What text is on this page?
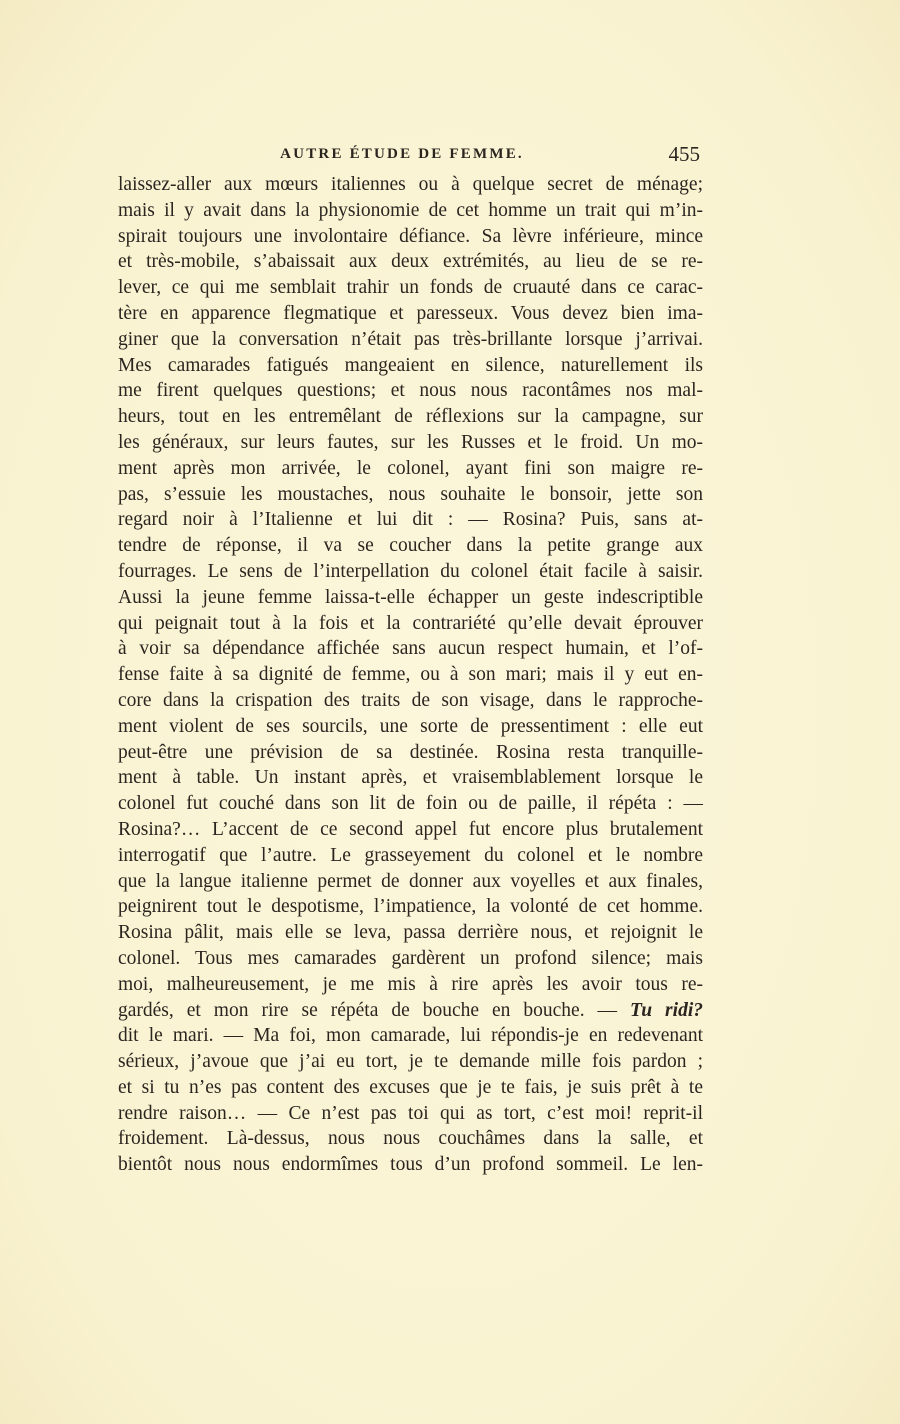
AUTRE ÉTUDE DE FEMME.	455
laissez-aller aux mœurs italiennes ou à quelque secret de ménage;
mais il y avait dans la physionomie de cet homme un trait qui m’in-
spirait toujours une involontaire défiance. Sa lèvre inférieure, mince
et très-mobile, s’abaissait aux deux extrémités, au lieu de se re-
lever, ce qui me semblait trahir un fonds de cruauté dans ce carac-
tère en apparence flegmatique et paresseux. Vous devez bien ima-
giner que la conversation n’était pas très-brillante lorsque j’arrivai.
Mes camarades fatigués mangeaient en silence, naturellement ils
me firent quelques questions; et nous nous racontâmes nos mal-
heurs, tout en les entremêlant de réflexions sur la campagne, sur
les généraux, sur leurs fautes, sur les Russes et le froid. Un mo-
ment après mon arrivée, le colonel, ayant fini son maigre re-
pas, s’essuie les moustaches, nous souhaite le bonsoir, jette son
regard noir à l’Italienne et lui dit : — Rosina? Puis, sans at-
tendre de réponse, il va se coucher dans la petite grange aux
fourrages. Le sens de l’interpellation du colonel était facile à saisir.
Aussi la jeune femme laissa-t-elle échapper un geste indescriptible
qui peignait tout à la fois et la contrariété qu’elle devait éprouver
à voir sa dépendance affichée sans aucun respect humain, et l’of-
fense faite à sa dignité de femme, ou à son mari; mais il y eut en-
core dans la crispation des traits de son visage, dans le rapproche-
ment violent de ses sourcils, une sorte de pressentiment : elle eut
peut-être une prévision de sa destinée. Rosina resta tranquille-
ment à table. Un instant après, et vraisemblablement lorsque le
colonel fut couché dans son lit de foin ou de paille, il répéta : —
Rosina?… L’accent de ce second appel fut encore plus brutalement
interrogatif que l’autre. Le grasseyement du colonel et le nombre
que la langue italienne permet de donner aux voyelles et aux finales,
peignirent tout le despotisme, l’impatience, la volonté de cet homme.
Rosina pâlit, mais elle se leva, passa derrière nous, et rejoignit le
colonel. Tous mes camarades gardèrent un profond silence; mais
moi, malheureusement, je me mis à rire après les avoir tous re-
gardés, et mon rire se répéta de bouche en bouche. — Tu ridi?
dit le mari. — Ma foi, mon camarade, lui répondis-je en redevenant
sérieux, j’avoue que j’ai eu tort, je te demande mille fois pardon ;
et si tu n’es pas content des excuses que je te fais, je suis prêt à te
rendre raison… — Ce n’est pas toi qui as tort, c’est moi! reprit-il
froidement. Là-dessus, nous nous couchâmes dans la salle, et
bientôt nous nous endormîmes tous d’un profond sommeil. Le len-
